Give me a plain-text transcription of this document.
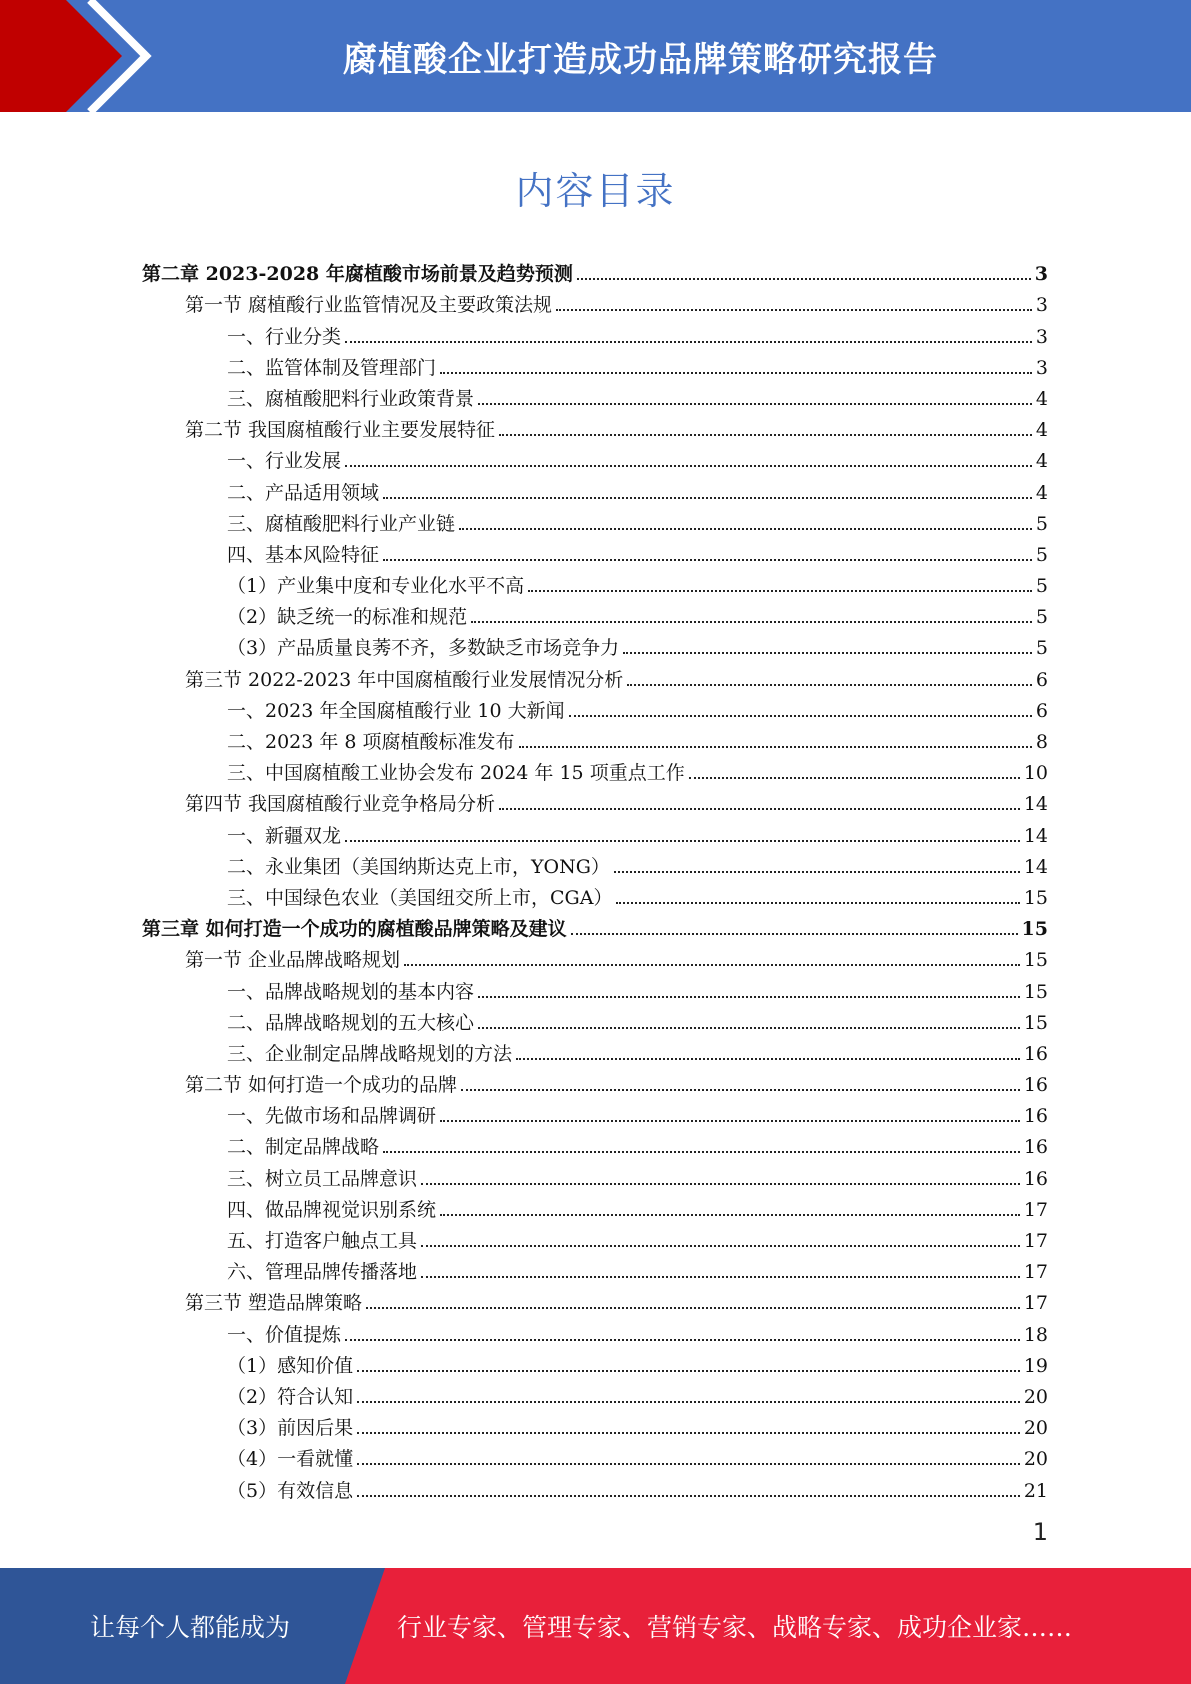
腐植酸企业打造成功品牌策略研究报告
内容目录
第二章 2023-2028 年腐植酸市场前景及趋势预测	3
第一节 腐植酸行业监管情况及主要政策法规	3
一、行业分类	3
二、监管体制及管理部门	3
三、腐植酸肥料行业政策背景	4
第二节 我国腐植酸行业主要发展特征	4
一、行业发展	4
二、产品适用领域	4
三、腐植酸肥料行业产业链	5
四、基本风险特征	5
（1）产业集中度和专业化水平不高	5
（2）缺乏统一的标准和规范	5
（3）产品质量良莠不齐，多数缺乏市场竞争力	5
第三节 2022-2023 年中国腐植酸行业发展情况分析	6
一、2023 年全国腐植酸行业 10 大新闻	6
二、2023 年 8 项腐植酸标准发布	8
三、中国腐植酸工业协会发布 2024 年 15 项重点工作	10
第四节 我国腐植酸行业竞争格局分析	14
一、新疆双龙	14
二、永业集团（美国纳斯达克上市，YONG）	14
三、中国绿色农业（美国纽交所上市，CGA）	15
第三章 如何打造一个成功的腐植酸品牌策略及建议	15
第一节 企业品牌战略规划	15
一、品牌战略规划的基本内容	15
二、品牌战略规划的五大核心	15
三、企业制定品牌战略规划的方法	16
第二节 如何打造一个成功的品牌	16
一、先做市场和品牌调研	16
二、制定品牌战略	16
三、树立员工品牌意识	16
四、做品牌视觉识别系统	17
五、打造客户触点工具	17
六、管理品牌传播落地	17
第三节 塑造品牌策略	17
一、价值提炼	18
（1）感知价值	19
（2）符合认知	20
（3）前因后果	20
（4）一看就懂	20
（5）有效信息	21
1
让每个人都能成为	行业专家、管理专家、营销专家、战略专家、成功企业家……
